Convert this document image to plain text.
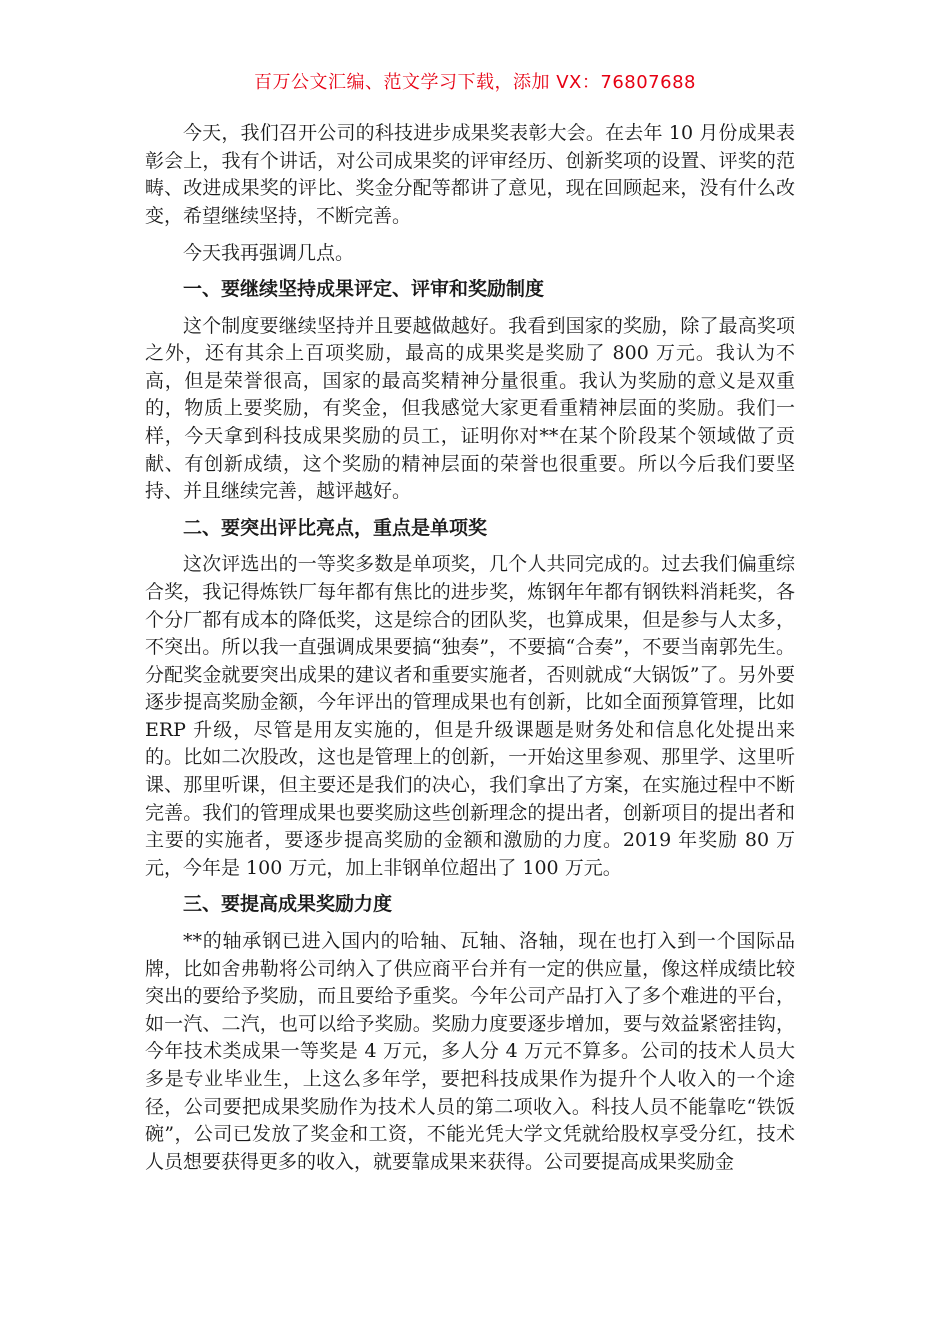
百万公文汇编、范文学习下载，添加 VX：76807688

今天，我们召开公司的科技进步成果奖表彰大会。在去年 10 月份成果表彰会上，我有个讲话，对公司成果奖的评审经历、创新奖项的设置、评奖的范畴、改进成果奖的评比、奖金分配等都讲了意见，现在回顾起来，没有什么改变，希望继续坚持，不断完善。

今天我再强调几点。

一、要继续坚持成果评定、评审和奖励制度

这个制度要继续坚持并且要越做越好。我看到国家的奖励，除了最高奖项之外，还有其余上百项奖励，最高的成果奖是奖励了 800 万元。我认为不高，但是荣誉很高，国家的最高奖精神分量很重。我认为奖励的意义是双重的，物质上要奖励，有奖金，但我感觉大家更看重精神层面的奖励。我们一样，今天拿到科技成果奖励的员工，证明你对**在某个阶段某个领域做了贡献、有创新成绩，这个奖励的精神层面的荣誉也很重要。所以今后我们要坚持、并且继续完善，越评越好。

二、要突出评比亮点，重点是单项奖

这次评选出的一等奖多数是单项奖，几个人共同完成的。过去我们偏重综合奖，我记得炼铁厂每年都有焦比的进步奖，炼钢年年都有钢铁料消耗奖，各个分厂都有成本的降低奖，这是综合的团队奖，也算成果，但是参与人太多，不突出。所以我一直强调成果要搞“独奏”，不要搞“合奏”，不要当南郭先生。分配奖金就要突出成果的建议者和重要实施者，否则就成“大锅饭”了。另外要逐步提高奖励金额，今年评出的管理成果也有创新，比如全面预算管理，比如 ERP 升级，尽管是用友实施的，但是升级课题是财务处和信息化处提出来的。比如二次股改，这也是管理上的创新，一开始这里参观、那里学、这里听课、那里听课，但主要还是我们的决心，我们拿出了方案，在实施过程中不断完善。我们的管理成果也要奖励这些创新理念的提出者，创新项目的提出者和主要的实施者，要逐步提高奖励的金额和激励的力度。2019 年奖励 80 万元，今年是 100 万元，加上非钢单位超出了 100 万元。

三、要提高成果奖励力度

**的轴承钢已进入国内的哈轴、瓦轴、洛轴，现在也打入到一个国际品牌，比如舍弗勒将公司纳入了供应商平台并有一定的供应量，像这样成绩比较突出的要给予奖励，而且要给予重奖。今年公司产品打入了多个难进的平台，如一汽、二汽，也可以给予奖励。奖励力度要逐步增加，要与效益紧密挂钩，今年技术类成果一等奖是 4 万元，多人分 4 万元不算多。公司的技术人员大多是专业毕业生，上这么多年学，要把科技成果作为提升个人收入的一个途径，公司要把成果奖励作为技术人员的第二项收入。科技人员不能靠吃“铁饭碗”，公司已发放了奖金和工资，不能光凭大学文凭就给股权享受分红，技术人员想要获得更多的收入，就要靠成果来获得。公司要提高成果奖励金
